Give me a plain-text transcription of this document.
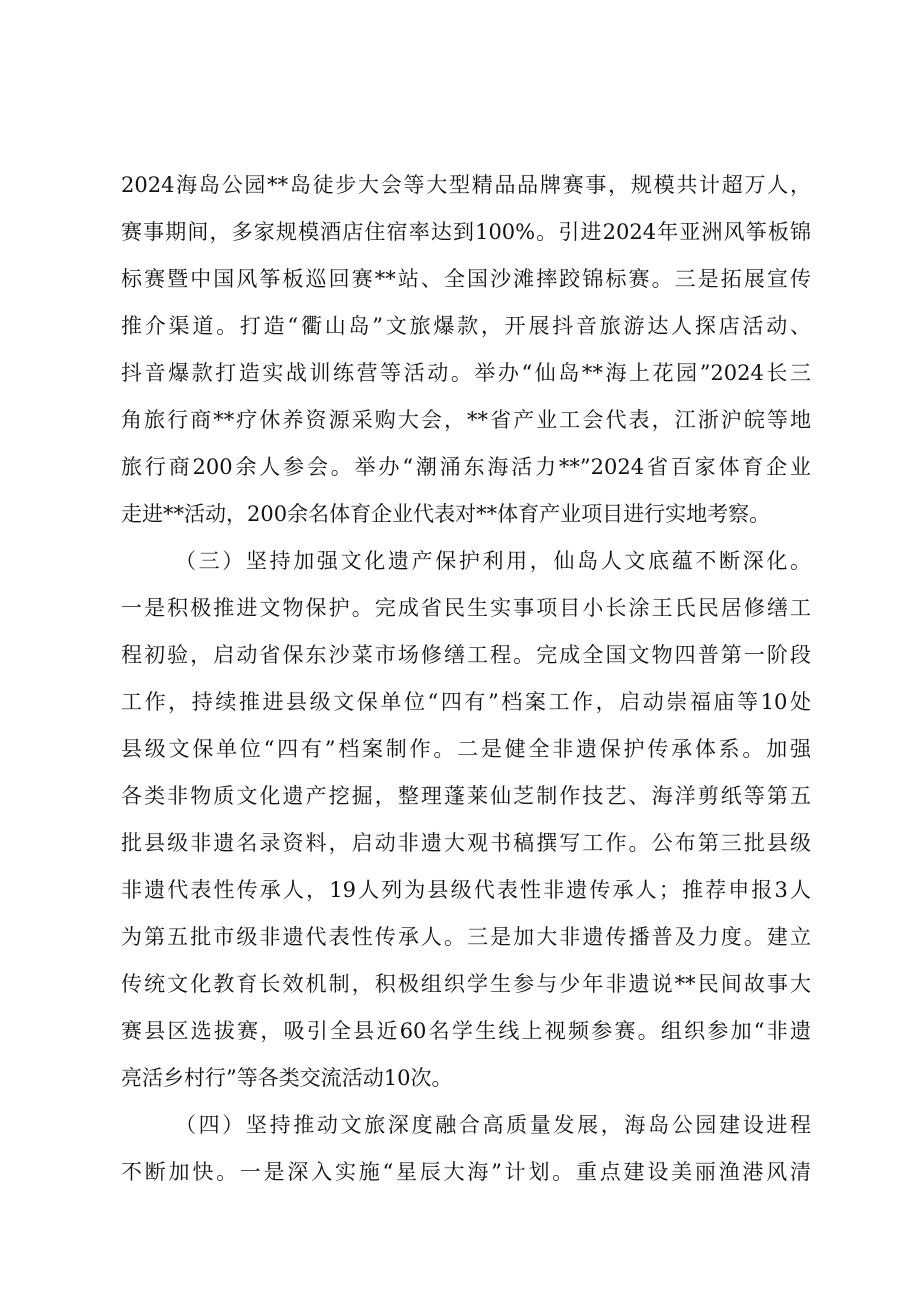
2024海岛公园**岛徒步大会等大型精品品牌赛事，规模共计超万人，
赛事期间，多家规模酒店住宿率达到100%。引进2024年亚洲风筝板锦
标赛暨中国风筝板巡回赛**站、全国沙滩摔跤锦标赛。三是拓展宣传
推介渠道。打造“衢山岛”文旅爆款，开展抖音旅游达人探店活动、
抖音爆款打造实战训练营等活动。举办“仙岛**海上花园”2024长三
角旅行商**疗休养资源采购大会，**省产业工会代表，江浙沪皖等地
旅行商200余人参会。举办“潮涌东海活力**”2024省百家体育企业
走进**活动，200余名体育企业代表对**体育产业项目进行实地考察。
（三）坚持加强文化遗产保护利用，仙岛人文底蕴不断深化。
一是积极推进文物保护。完成省民生实事项目小长涂王氏民居修缮工
程初验，启动省保东沙菜市场修缮工程。完成全国文物四普第一阶段
工作，持续推进县级文保单位“四有”档案工作，启动崇福庙等10处
县级文保单位“四有”档案制作。二是健全非遗保护传承体系。加强
各类非物质文化遗产挖掘，整理蓬莱仙芝制作技艺、海洋剪纸等第五
批县级非遗名录资料，启动非遗大观书稿撰写工作。公布第三批县级
非遗代表性传承人，19人列为县级代表性非遗传承人；推荐申报3人
为第五批市级非遗代表性传承人。三是加大非遗传播普及力度。建立
传统文化教育长效机制，积极组织学生参与少年非遗说**民间故事大
赛县区选拔赛，吸引全县近60名学生线上视频参赛。组织参加“非遗
亮活乡村行”等各类交流活动10次。
（四）坚持推动文旅深度融合高质量发展，海岛公园建设进程
不断加快。一是深入实施“星辰大海”计划。重点建设美丽渔港风清
